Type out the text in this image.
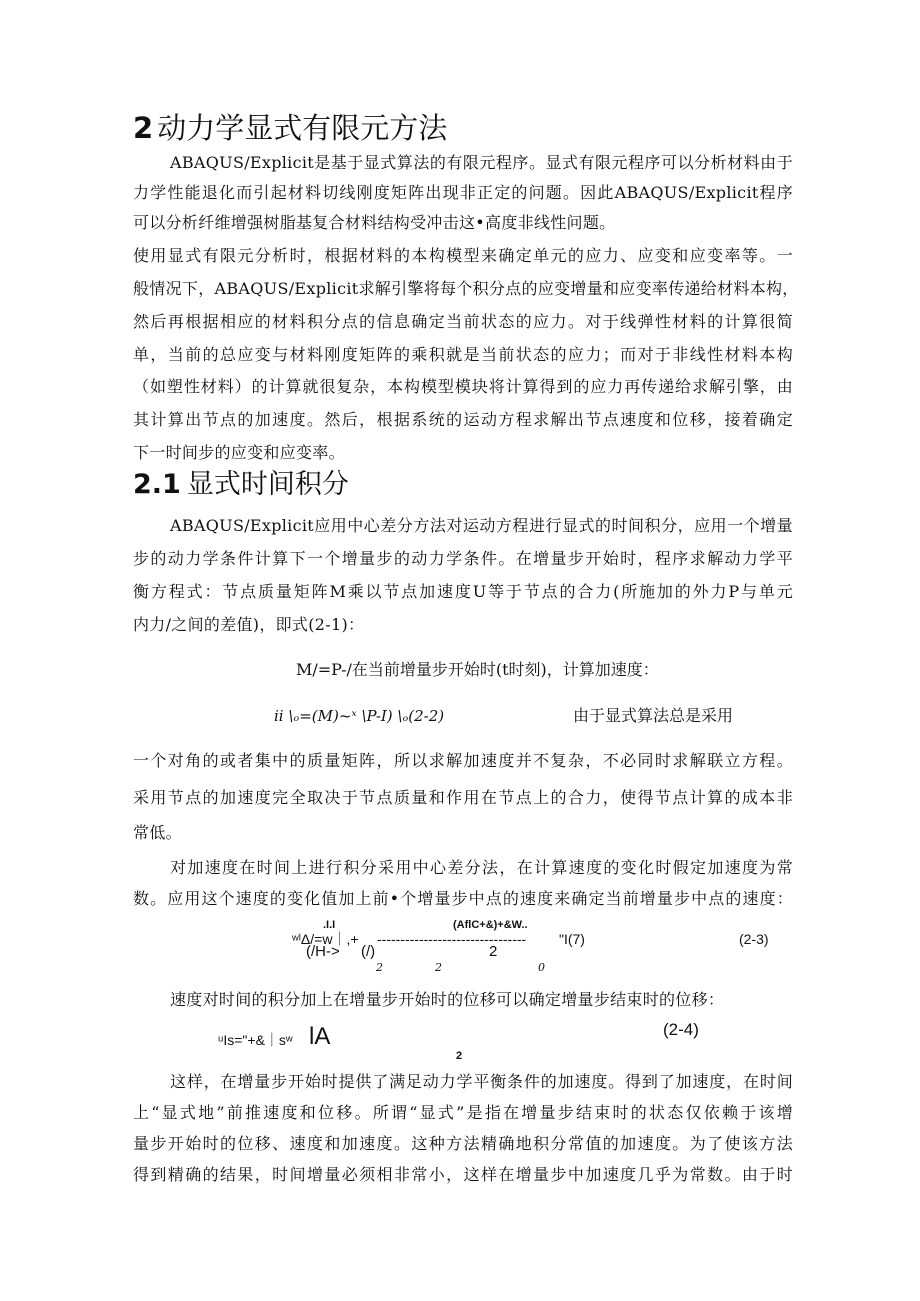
2 动力学显式有限元方法
ABAQUS/Explicit是基于显式算法的有限元程序。显式有限元程序可以分析材料由于
力学性能退化而引起材料切线刚度矩阵出现非正定的问题。因此ABAQUS/Explicit程序
可以分析纤维增强树脂基复合材料结构受冲击这•高度非线性问题。
使用显式有限元分析时，根据材料的本构模型来确定单元的应力、应变和应变率等。一
般情况下，ABAQUS/Explicit求解引擎将每个积分点的应变增量和应变率传递给材料本构，
然后再根据相应的材料积分点的信息确定当前状态的应力。对于线弹性材料的计算很简
单，当前的总应变与材料刚度矩阵的乘积就是当前状态的应力；而对于非线性材料本构
（如塑性材料）的计算就很复杂，本构模型模块将计算得到的应力再传递给求解引擎，由
其计算出节点的加速度。然后，根据系统的运动方程求解出节点速度和位移，接着确定
下一时间步的应变和应变率。
2.1 显式时间积分
ABAQUS/Explicit应用中心差分方法对运动方程进行显式的时间积分，应用一个增量
步的动力学条件计算下一个增量步的动力学条件。在增量步开始时，程序求解动力学平
衡方程式：节点质量矩阵M乘以节点加速度U等于节点的合力(所施加的外力P与单元
内力/之间的差值)，即式(2-1)：
M/=P-/在当前增量步开始时(t时刻)，计算加速度：
ii \ₒ=(M)~ˣ \P-I) \ₒ(2-2)	由于显式算法总是采用
一个对角的或者集中的质量矩阵，所以求解加速度并不复杂，不必同时求解联立方程。
采用节点的加速度完全取决于节点质量和作用在节点上的合力，使得节点计算的成本非
常低。
对加速度在时间上进行积分采用中心差分法，在计算速度的变化时假定加速度为常
数。应用这个速度的变化值加上前•个增量步中点的速度来确定当前增量步中点的速度：
.I.I	(AflC+&)+&W..
ʷˡΔ/=w｜,+ -------------------------------- "I(7)	(2-3)
(/H-> (/)	2
2	2	0
速度对时间的积分加上在增量步开始时的位移可以确定增量步结束时的位移：
ᵘIs="+&｜sʷ lA
2
(2-4)
这样，在增量步开始时提供了满足动力学平衡条件的加速度。得到了加速度，在时间
上“显式地”前推速度和位移。所谓“显式”是指在增量步结束时的状态仅依赖于该增
量步开始时的位移、速度和加速度。这种方法精确地积分常值的加速度。为了使该方法
得到精确的结果，时间增量必须相非常小，这样在增量步中加速度几乎为常数。由于时
